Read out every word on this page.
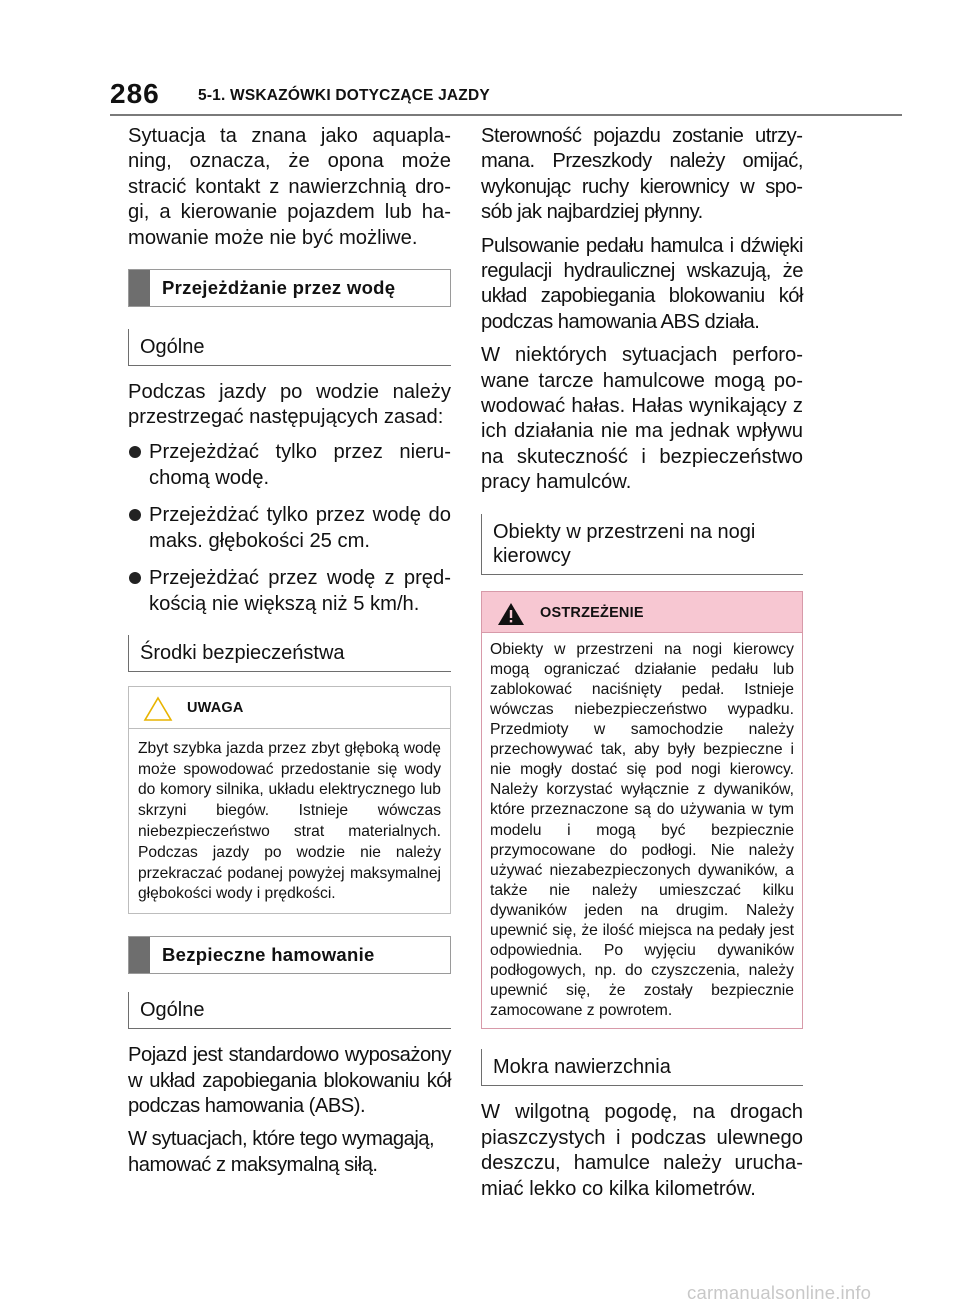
286 5-1. WSKAZÓWKI DOTYCZĄCE JAZDY

Sytuacja ta znana jako aquaplaning, oznacza, że opona może stracić kontakt z nawierzchnią drogi, a kierowanie pojazdem lub hamowanie może nie być możliwe.

Przejeżdżanie przez wodę
Ogólne

Podczas jazdy po wodzie należy przestrzegać następujących zasad:

Przejeżdżać tylko przez nieruchomą wodę.
Przejeżdżać tylko przez wodę do maks. głębokości 25 cm.
Przejeżdżać przez wodę z prędkością nie większą niż 5 km/h.
Środki bezpieczeństwa
UWAGA
Zbyt szybka jazda przez zbyt głęboką wodę może spowodować przedostanie się wody do komory silnika, układu elektrycznego lub skrzyni biegów. Istnieje wówczas niebezpieczeństwo strat materialnych. Podczas jazdy po wodzie nie należy przekraczać podanej powyżej maksymalnej głębokości wody i prędkości.
Bezpieczne hamowanie
Ogólne

Pojazd jest standardowo wyposażony w układ zapobiegania blokowaniu kół podczas hamowania (ABS).

W sytuacjach, które tego wymagają, hamować z maksymalną siłą.

Sterowność pojazdu zostanie utrzymana. Przeszkody należy omijać, wykonując ruchy kierownicy w sposób jak najbardziej płynny.

Pulsowanie pedału hamulca i dźwięki regulacji hydraulicznej wskazują, że układ zapobiegania blokowaniu kół podczas hamowania ABS działa.

W niektórych sytuacjach perforowane tarcze hamulcowe mogą powodować hałas. Hałas wynikający z ich działania nie ma jednak wpływu na skuteczność i bezpieczeństwo pracy hamulców.

Obiekty w przestrzeni na nogi kierowcy
OSTRZEŻENIE
Obiekty w przestrzeni na nogi kierowcy mogą ograniczać działanie pedału lub zablokować naciśnięty pedał. Istnieje wówczas niebezpieczeństwo wypadku. Przedmioty w samochodzie należy przechowywać tak, aby były bezpieczne i nie mogły dostać się pod nogi kierowcy. Należy korzystać wyłącznie z dywaników, które przeznaczone są do używania w tym modelu i mogą być bezpiecznie przymocowane do podłogi. Nie należy używać niezabezpieczonych dywaników, a także nie należy umieszczać kilku dywaników jeden na drugim. Należy upewnić się, że ilość miejsca na pedały jest odpowiednia. Po wyjęciu dywaników podłogowych, np. do czyszczenia, należy upewnić się, że zostały bezpiecznie zamocowane z powrotem.
Mokra nawierzchnia

W wilgotną pogodę, na drogach piaszczystych i podczas ulewnego deszczu, hamulce należy uruchamiać lekko co kilka kilometrów.

carmanualsonline.info
